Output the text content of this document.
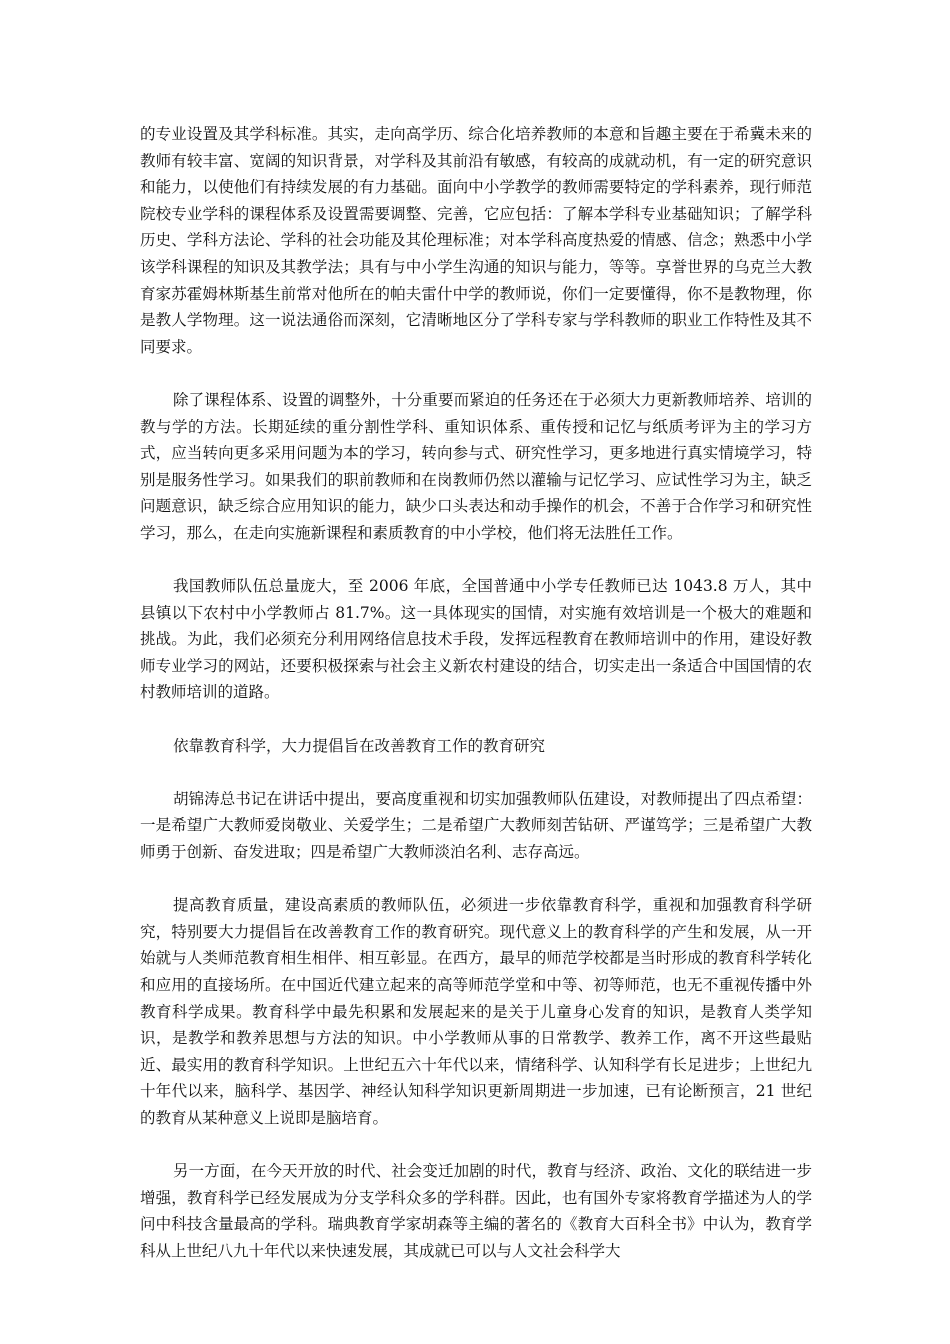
的专业设置及其学科标准。其实，走向高学历、综合化培养教师的本意和旨趣主要在于希冀未来的教师有较丰富、宽阔的知识背景，对学科及其前沿有敏感，有较高的成就动机，有一定的研究意识和能力，以使他们有持续发展的有力基础。面向中小学教学的教师需要特定的学科素养，现行师范院校专业学科的课程体系及设置需要调整、完善，它应包括：了解本学科专业基础知识；了解学科历史、学科方法论、学科的社会功能及其伦理标准；对本学科高度热爱的情感、信念；熟悉中小学该学科课程的知识及其教学法；具有与中小学生沟通的知识与能力，等等。享誉世界的乌克兰大教育家苏霍姆林斯基生前常对他所在的帕夫雷什中学的教师说，你们一定要懂得，你不是教物理，你是教人学物理。这一说法通俗而深刻，它清晰地区分了学科专家与学科教师的职业工作特性及其不同要求。

除了课程体系、设置的调整外，十分重要而紧迫的任务还在于必须大力更新教师培养、培训的教与学的方法。长期延续的重分割性学科、重知识体系、重传授和记忆与纸质考评为主的学习方式，应当转向更多采用问题为本的学习，转向参与式、研究性学习，更多地进行真实情境学习，特别是服务性学习。如果我们的职前教师和在岗教师仍然以灌输与记忆学习、应试性学习为主，缺乏问题意识，缺乏综合应用知识的能力，缺少口头表达和动手操作的机会，不善于合作学习和研究性学习，那么，在走向实施新课程和素质教育的中小学校，他们将无法胜任工作。

我国教师队伍总量庞大，至 2006 年底，全国普通中小学专任教师已达 1043.8 万人，其中县镇以下农村中小学教师占 81.7%。这一具体现实的国情，对实施有效培训是一个极大的难题和挑战。为此，我们必须充分利用网络信息技术手段，发挥远程教育在教师培训中的作用，建设好教师专业学习的网站，还要积极探索与社会主义新农村建设的结合，切实走出一条适合中国国情的农村教师培训的道路。

依靠教育科学，大力提倡旨在改善教育工作的教育研究

胡锦涛总书记在讲话中提出，要高度重视和切实加强教师队伍建设，对教师提出了四点希望：一是希望广大教师爱岗敬业、关爱学生；二是希望广大教师刻苦钻研、严谨笃学；三是希望广大教师勇于创新、奋发进取；四是希望广大教师淡泊名利、志存高远。

提高教育质量，建设高素质的教师队伍，必须进一步依靠教育科学，重视和加强教育科学研究，特别要大力提倡旨在改善教育工作的教育研究。现代意义上的教育科学的产生和发展，从一开始就与人类师范教育相生相伴、相互彰显。在西方，最早的师范学校都是当时形成的教育科学转化和应用的直接场所。在中国近代建立起来的高等师范学堂和中等、初等师范，也无不重视传播中外教育科学成果。教育科学中最先积累和发展起来的是关于儿童身心发育的知识，是教育人类学知识，是教学和教养思想与方法的知识。中小学教师从事的日常教学、教养工作，离不开这些最贴近、最实用的教育科学知识。上世纪五六十年代以来，情绪科学、认知科学有长足进步；上世纪九十年代以来，脑科学、基因学、神经认知科学知识更新周期进一步加速，已有论断预言，21 世纪的教育从某种意义上说即是脑培育。

另一方面，在今天开放的时代、社会变迁加剧的时代，教育与经济、政治、文化的联结进一步增强，教育科学已经发展成为分支学科众多的学科群。因此，也有国外专家将教育学描述为人的学问中科技含量最高的学科。瑞典教育学家胡森等主编的著名的《教育大百科全书》中认为，教育学科从上世纪八九十年代以来快速发展，其成就已可以与人文社会科学大
